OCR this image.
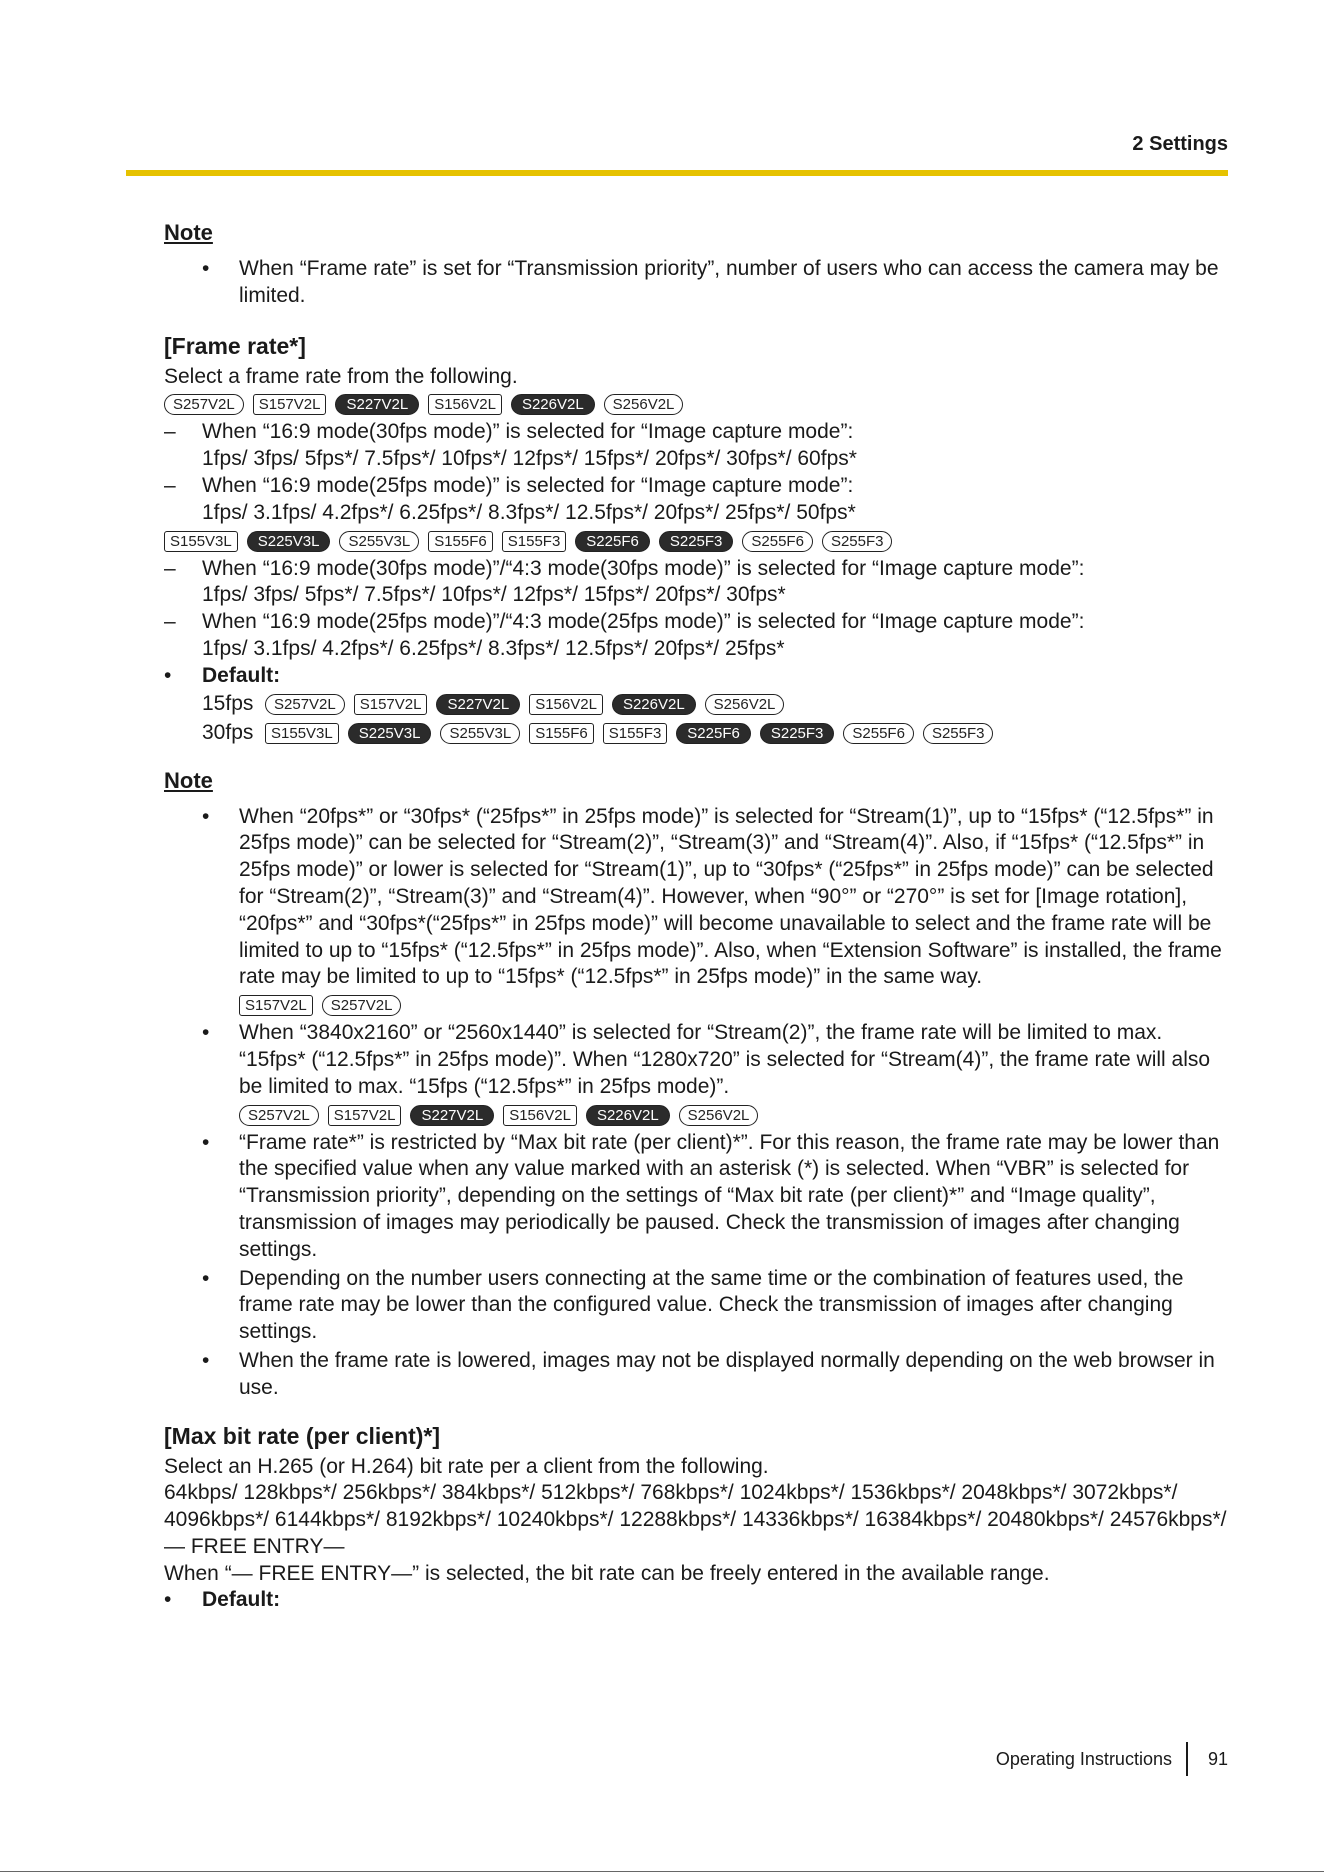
2 Settings

Note

• When “Frame rate” is set for “Transmission priority”, number of users who can access the camera may be limited.

[Frame rate*]

Select a frame rate from the following.

S257V2L	S157V2L	S227V2L	S156V2L	S226V2L	S256V2L
– When “16:9 mode(30fps mode)” is selected for “Image capture mode”:
1fps/ 3fps/ 5fps*/ 7.5fps*/ 10fps*/ 12fps*/ 15fps*/ 20fps*/ 30fps*/ 60fps*
– When “16:9 mode(25fps mode)” is selected for “Image capture mode”:
1fps/ 3.1fps/ 4.2fps*/ 6.25fps*/ 8.3fps*/ 12.5fps*/ 20fps*/ 25fps*/ 50fps*
S155V3L	S225V3L	S255V3L	S155F6	S155F3	S225F6	S225F3	S255F6	S255F3
– When “16:9 mode(30fps mode)”/“4:3 mode(30fps mode)” is selected for “Image capture mode”:
1fps/ 3fps/ 5fps*/ 7.5fps*/ 10fps*/ 12fps*/ 15fps*/ 20fps*/ 30fps*
– When “16:9 mode(25fps mode)”/“4:3 mode(25fps mode)” is selected for “Image capture mode”:
1fps/ 3.1fps/ 4.2fps*/ 6.25fps*/ 8.3fps*/ 12.5fps*/ 20fps*/ 25fps*
• Default:
15fps	S257V2L	S157V2L	S227V2L	S156V2L	S226V2L	S256V2L
30fps	S155V3L	S225V3L	S255V3L	S155F6	S155F3	S225F6	S225F3	S255F6	S255F3

Note

• When “20fps*” or “30fps* (“25fps*” in 25fps mode)” is selected for “Stream(1)”, up to “15fps* (“12.5fps*” in 25fps mode)” can be selected for “Stream(2)”, “Stream(3)” and “Stream(4)”. Also, if “15fps* (“12.5fps*” in 25fps mode)” or lower is selected for “Stream(1)”, up to “30fps* (“25fps*” in 25fps mode)” can be selected for “Stream(2)”, “Stream(3)” and “Stream(4)”. However, when “90°” or “270°” is set for [Image rotation], “20fps*” and “30fps*(“25fps*” in 25fps mode)” will become unavailable to select and the frame rate will be limited to up to “15fps* (“12.5fps*” in 25fps mode)”. Also, when “Extension Software” is installed, the frame rate may be limited to up to “15fps* (“12.5fps*” in 25fps mode)” in the same way.
S157V2L	S257V2L
• When “3840x2160” or “2560x1440” is selected for “Stream(2)”, the frame rate will be limited to max. “15fps* (“12.5fps*” in 25fps mode)”. When “1280x720” is selected for “Stream(4)”, the frame rate will also be limited to max. “15fps (“12.5fps*” in 25fps mode)”.
S257V2L	S157V2L	S227V2L	S156V2L	S226V2L	S256V2L
• “Frame rate*” is restricted by “Max bit rate (per client)*”. For this reason, the frame rate may be lower than the specified value when any value marked with an asterisk (*) is selected. When “VBR” is selected for “Transmission priority”, depending on the settings of “Max bit rate (per client)*” and “Image quality”, transmission of images may periodically be paused. Check the transmission of images after changing settings.
• Depending on the number users connecting at the same time or the combination of features used, the frame rate may be lower than the configured value. Check the transmission of images after changing settings.
• When the frame rate is lowered, images may not be displayed normally depending on the web browser in use.

[Max bit rate (per client)*]

Select an H.265 (or H.264) bit rate per a client from the following.

64kbps/ 128kbps*/ 256kbps*/ 384kbps*/ 512kbps*/ 768kbps*/ 1024kbps*/ 1536kbps*/ 2048kbps*/ 3072kbps*/ 4096kbps*/ 6144kbps*/ 8192kbps*/ 10240kbps*/ 12288kbps*/ 14336kbps*/ 16384kbps*/ 20480kbps*/ 24576kbps*/ — FREE ENTRY—

When “— FREE ENTRY—” is selected, the bit rate can be freely entered in the available range.

• Default:
Operating Instructions 91
